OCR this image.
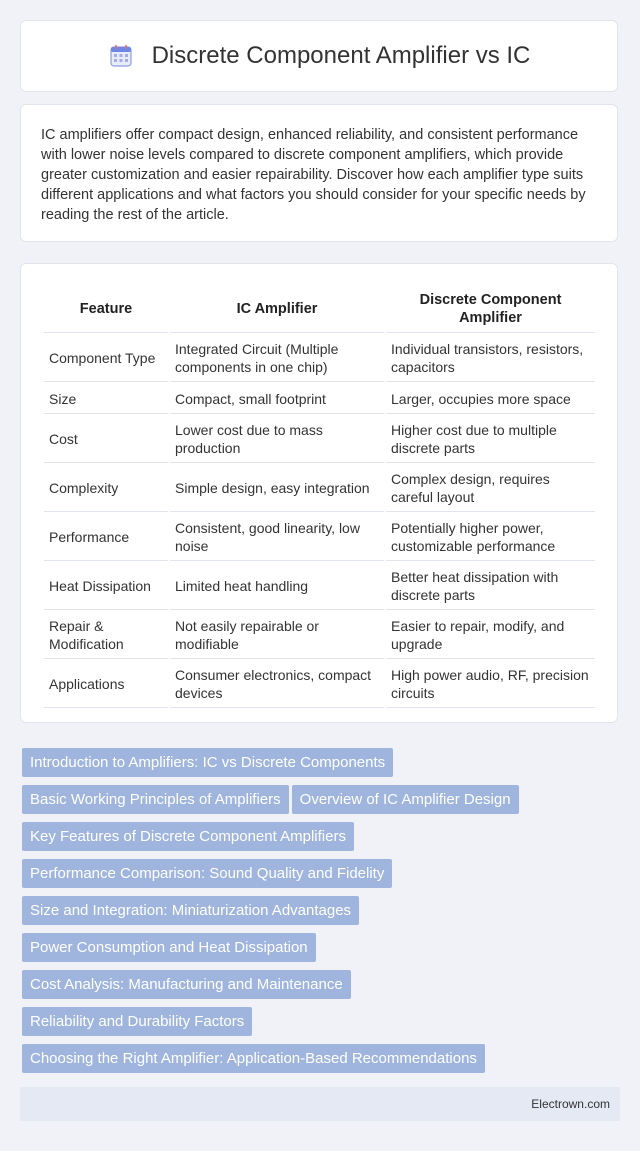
Discrete Component Amplifier vs IC

IC amplifiers offer compact design, enhanced reliability, and consistent performance with lower noise levels compared to discrete component amplifiers, which provide greater customization and easier repairability. Discover how each amplifier type suits different applications and what factors you should consider for your specific needs by reading the rest of the article.

Feature	IC Amplifier	Discrete Component Amplifier
Component Type	Integrated Circuit (Multiple components in one chip)	Individual transistors, resistors, capacitors
Size	Compact, small footprint	Larger, occupies more space
Cost	Lower cost due to mass production	Higher cost due to multiple discrete parts
Complexity	Simple design, easy integration	Complex design, requires careful layout
Performance	Consistent, good linearity, low noise	Potentially higher power, customizable performance
Heat Dissipation	Limited heat handling	Better heat dissipation with discrete parts
Repair & Modification	Not easily repairable or modifiable	Easier to repair, modify, and upgrade
Applications	Consumer electronics, compact devices	High power audio, RF, precision circuits
Introduction to Amplifiers: IC vs Discrete Components
Basic Working Principles of Amplifiers Overview of IC Amplifier Design
Key Features of Discrete Component Amplifiers
Performance Comparison: Sound Quality and Fidelity
Size and Integration: Miniaturization Advantages
Power Consumption and Heat Dissipation
Cost Analysis: Manufacturing and Maintenance
Reliability and Durability Factors
Choosing the Right Amplifier: Application-Based Recommendations
Electrown.com
